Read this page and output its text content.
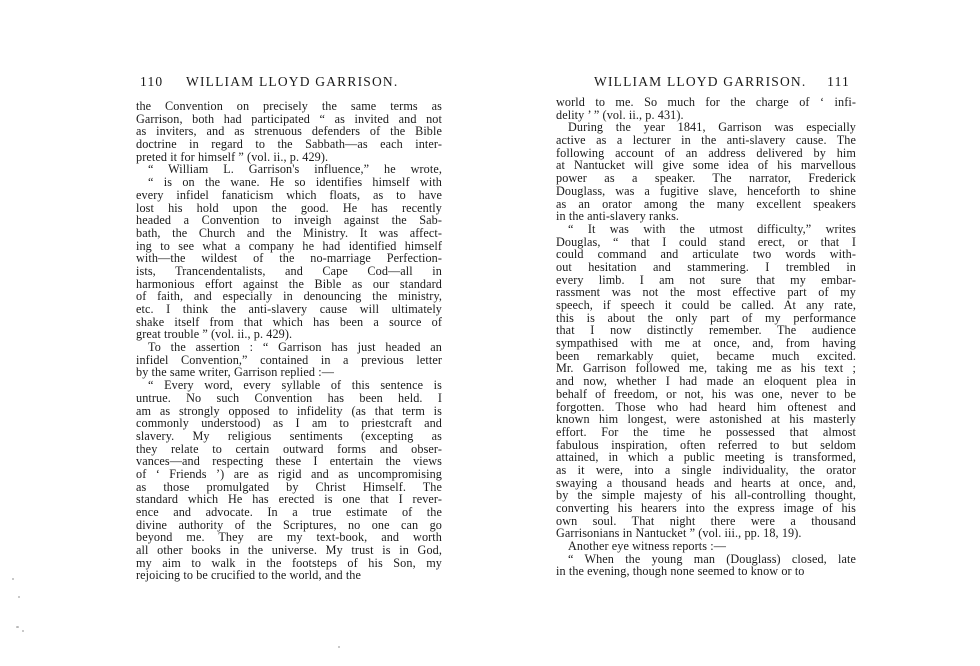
110 WILLIAM LLOYD GARRISON.
the Convention on precisely the same terms as
Garrison, both had participated “ as invited and not
as inviters, and as strenuous defenders of the Bible
doctrine in regard to the Sabbath—as each inter-
preted it for himself ” (vol. ii., p. 429).
“ William L. Garrison's influence,” he wrote,
“ is on the wane. He so identifies himself with
every infidel fanaticism which floats, as to have
lost his hold upon the good. He has recently
headed a Convention to inveigh against the Sab-
bath, the Church and the Ministry. It was affect-
ing to see what a company he had identified himself
with—the wildest of the no-marriage Perfection-
ists, Trancendentalists, and Cape Cod—all in
harmonious effort against the Bible as our standard
of faith, and especially in denouncing the ministry,
etc. I think the anti-slavery cause will ultimately
shake itself from that which has been a source of
great trouble ” (vol. ii., p. 429).
To the assertion : “ Garrison has just headed an
infidel Convention,” contained in a previous letter
by the same writer, Garrison replied :—
“ Every word, every syllable of this sentence is
untrue. No such Convention has been held. I
am as strongly opposed to infidelity (as that term is
commonly understood) as I am to priestcraft and
slavery. My religious sentiments (excepting as
they relate to certain outward forms and obser-
vances—and respecting these I entertain the views
of ‘ Friends ’) are as rigid and as uncompromising
as those promulgated by Christ Himself. The
standard which He has erected is one that I rever-
ence and advocate. In a true estimate of the
divine authority of the Scriptures, no one can go
beyond me. They are my text-book, and worth
all other books in the universe. My trust is in God,
my aim to walk in the footsteps of his Son, my
rejoicing to be crucified to the world, and the
WILLIAM LLOYD GARRISON. 111
world to me. So much for the charge of ‘ infi-
delity ’ ” (vol. ii., p. 431).
During the year 1841, Garrison was especially
active as a lecturer in the anti-slavery cause. The
following account of an address delivered by him
at Nantucket will give some idea of his marvellous
power as a speaker. The narrator, Frederick
Douglass, was a fugitive slave, henceforth to shine
as an orator among the many excellent speakers
in the anti-slavery ranks.
“ It was with the utmost difficulty,” writes
Douglas, “ that I could stand erect, or that I
could command and articulate two words with-
out hesitation and stammering. I trembled in
every limb. I am not sure that my embar-
rassment was not the most effective part of my
speech, if speech it could be called. At any rate,
this is about the only part of my performance
that I now distinctly remember. The audience
sympathised with me at once, and, from having
been remarkably quiet, became much excited.
Mr. Garrison followed me, taking me as his text ;
and now, whether I had made an eloquent plea in
behalf of freedom, or not, his was one, never to be
forgotten. Those who had heard him oftenest and
known him longest, were astonished at his masterly
effort. For the time he possessed that almost
fabulous inspiration, often referred to but seldom
attained, in which a public meeting is transformed,
as it were, into a single individuality, the orator
swaying a thousand heads and hearts at once, and,
by the simple majesty of his all-controlling thought,
converting his hearers into the express image of his
own soul. That night there were a thousand
Garrisonians in Nantucket ” (vol. iii., pp. 18, 19).
Another eye witness reports :—
“ When the young man (Douglass) closed, late
in the evening, though none seemed to know or to
